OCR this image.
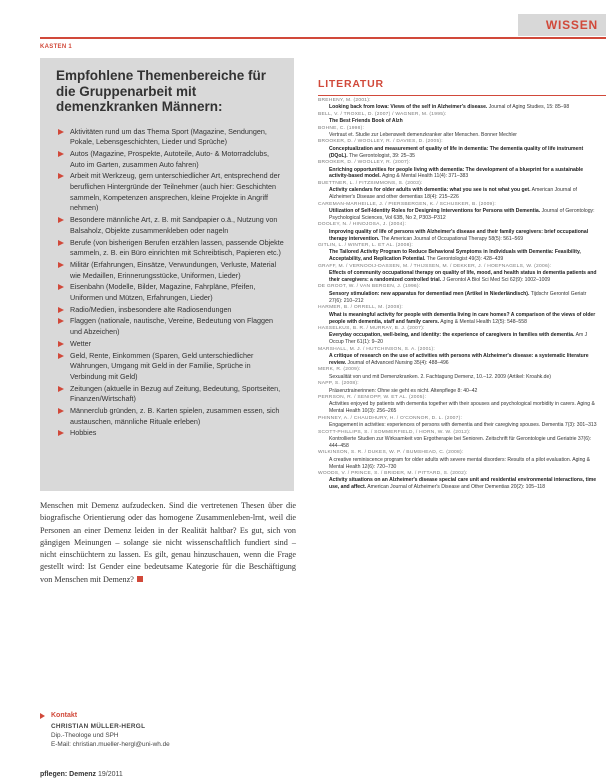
WISSEN
KASTEN 1
Empfohlene Themenbereiche für die Gruppenarbeit mit demenzkranken Männern:
Aktivitäten rund um das Thema Sport (Magazine, Sendungen, Pokale, Lebensgeschichten, Lieder und Sprüche)
Autos (Magazine, Prospekte, Autoteile, Auto- & Motorradclubs, Auto im Garten, zusammen Auto fahren)
Arbeit mit Werkzeug, gern unterschiedlicher Art, entsprechend der beruflichen Hintergründe der Teilnehmer (auch hier: Geschichten sammeln, Kompetenzen ansprechen, kleine Projekte in Angriff nehmen)
Besondere männliche Art, z. B. mit Sandpapier o.ä., Nutzung von Balsaholz, Objekte zusammenkleben oder nageln
Berufe (von bisherigen Berufen erzählen lassen, passende Objekte sammeln, z. B. ein Büro einrichten mit Schreibtisch, Papieren etc.)
Militär (Erfahrungen, Einsätze, Verwundungen, Verluste, Material wie Medaillen, Erinnerungsstücke, Uniformen, Lieder)
Eisenbahn (Modelle, Bilder, Magazine, Fahrpläne, Pfeifen, Uniformen und Mützen, Erfahrungen, Lieder)
Radio/Medien, insbesondere alte Radiosendungen
Flaggen (nationale, nautische, Vereine, Bedeutung von Flaggen und Abzeichen)
Wetter
Geld, Rente, Einkommen (Sparen, Geld unterschiedlicher Währungen, Umgang mit Geld in der Familie, Sprüche in Verbindung mit Geld)
Zeitungen (aktuelle in Bezug auf Zeitung, Bedeutung, Sportseiten, Finanzen/Wirtschaft)
Männerclub gründen, z. B. Karten spielen, zusammen essen, sich austauschen, männliche Rituale erleben)
Hobbies
Menschen mit Demenz aufzudecken. Sind die vertretenen Thesen über die biografische Orientierung oder das homogene Zusammenleben-lrnt, weil die Personen an einer Demenz leiden in der Realität haltbar? Es gut, sich von gängigen Meinungen – solange sie nicht wissenschaftlich fundiert sind – nicht einschüchtern zu lassen. Es gilt, genau hinzuschauen, wenn die Frage gestellt wird: Ist Gender eine bedeutsame Kategorie für die Beschäftigung von Menschen mit Demenz?
Kontakt
CHRISTIAN MÜLLER-HERGL
Dip.-Theologe und SPH
E-Mail: christian.mueller-hergl@uni-wh.de
pflegen: Demenz 19/2011
LITERATUR
BREHENY, M. (2001):
Looking back from Iowa: Views of the self in Alzheimer's disease. Journal of Aging Studies, 15: 85–98
BELL, V. / TROXEL, D. (2007) / WAGNER, M. (1995):
The Best Friends Book of Alzh
BOHNE, C. (1998):
Vertraut et. Studie zur Lebenswelt demenzkranker alter Menschen. Bonner Mechler
BROOKER, D. / WOOLLEY, R. / DAVIES, D. (2005):
Conceptualization and measurement of quality of life in dementia: The dementia quality of life instrument (DQoL). The Gerontologist, 39: 25–35
BROOKER, D. / WOOLLEY, R. (2007):
Enriching opportunities for people living with dementia: The development of a blueprint for a sustainable activity-based model. Aging & Mental Health 11(4): 371–383
BUETTNER, L. / FITZSIMMONS, S. (2003):
Activity calendars for older adults with dementia: what you see is not what you get. American Journal of Alzheimer's Disease and other dementias 18(4): 215–226
CAREMAN-MARHEILLE, J. / PIERSBERGEN, K. / SCHUSKER, B. (2009):
Utilization of Self-Identity Roles for Designing Interventions for Persons with Dementia. Journal of Gerontology: Psychological Sciences, Vol 63B, No 2, P303–P312
DOOLEY, N. / HINOJOSA, J. (2004):
Improving quality of life of persons with Alzheimer's disease and their family caregivers: brief occupational therapy intervention. The American Journal of Occupational Therapy 58(5): 561–569
GITLIN, L. / WINTER, L. ET AL. (2008):
The Tailored Activity Program to Reduce Behavioral Symptoms in Individuals with Dementia: Feasibility, Acceptability, and Replication Potential. The Gerontologist 49(3): 428–439
GRAFF, M. / VERNOOIJ-DASSEN, M. / THIJSSEN, M. / DEKKER, J. / HOEFNAGELS, W. (2006):
Effects of community occupational therapy on quality of life, mood, and health status in dementia patients and their caregivers: a randomized controlled trial. J Gerontol A Biol Sci Med Sci 62(9): 1002–1009
DE GROOT, W. / VAN BERGEN, J. (1996):
Sensory stimulation: new apparatus for dementiad men (Artikel in Niederländisch). Tijdschr Gerontol Geriatr 27(6): 210–212
HARMER, B. / ORRELL, M. (2008):
What is meaningful activity for people with dementia living in care homes? A comparison of the views of older people with dementia, staff and family carers. Aging & Mental Health 12(5): 548–558
HASSELKUS, B. R. / MURRAY, B. J. (2007):
Everyday occupation, well-being, and identity: the experience of caregivers in families with dementia. Am J Occup Ther 61(1): 9–20
MARSHALL, M. J. / HUTCHINSON, S. A. (2001):
A critique of research on the use of activities with persons with Alzheimer's disease: a systematic literature review. Journal of Advanced Nursing 35(4): 488–496
MERK, R. (2009):
Sexualität von und mit Demenzkranken. 2. Fachtagung Demenz, 10.–12. 2009 (Artikel: Kroahk.de)
NAPP, S. (2008):
Präsenztrainerinnen: Ohne sie geht es nicht. Altenpflege 8: 40–42
PERRSON, R. / SENIOPP, W. ET AL. (2005):
Activities enjoyed by patients with dementia together with their spouses and psychological morbidity in carers. Aging & Mental Health 10(3): 256–265
PHINNEY, A. / CHAUDHURY, H. / O'CONNOR, D. L. (2007):
Engagement in activities: experiences of persons with dementia and their caregiving spouses. Dementia 7(3): 301–313
SCOTT-PHILLIPS, S. / SOMMERFIELD, / HORN, W. W. (2012):
Kontrollierte Studien zur Wirksamkeit von Ergotherapie bei Senioren. Zeitschrift für Gerontologie und Geriatrie 37(6): 444–458
WILKINSON, S. R. / DUKES, W. P. / BUMSHEAD, C. (2008):
A creative reminiscence program for older adults with severe mental disorders: Results of a pilot evaluation. Aging & Mental Health 12(6): 720–730
WOODS, V. / PRINCE, S. / BRIDER, M. / PITTARD, S. (2002):
Activity situations on an Alzheimer's disease special care unit and residential environmental interactions, time use, and affect. American Journal of Alzheimer's Disease and Other Dementias 20(2): 105–118
